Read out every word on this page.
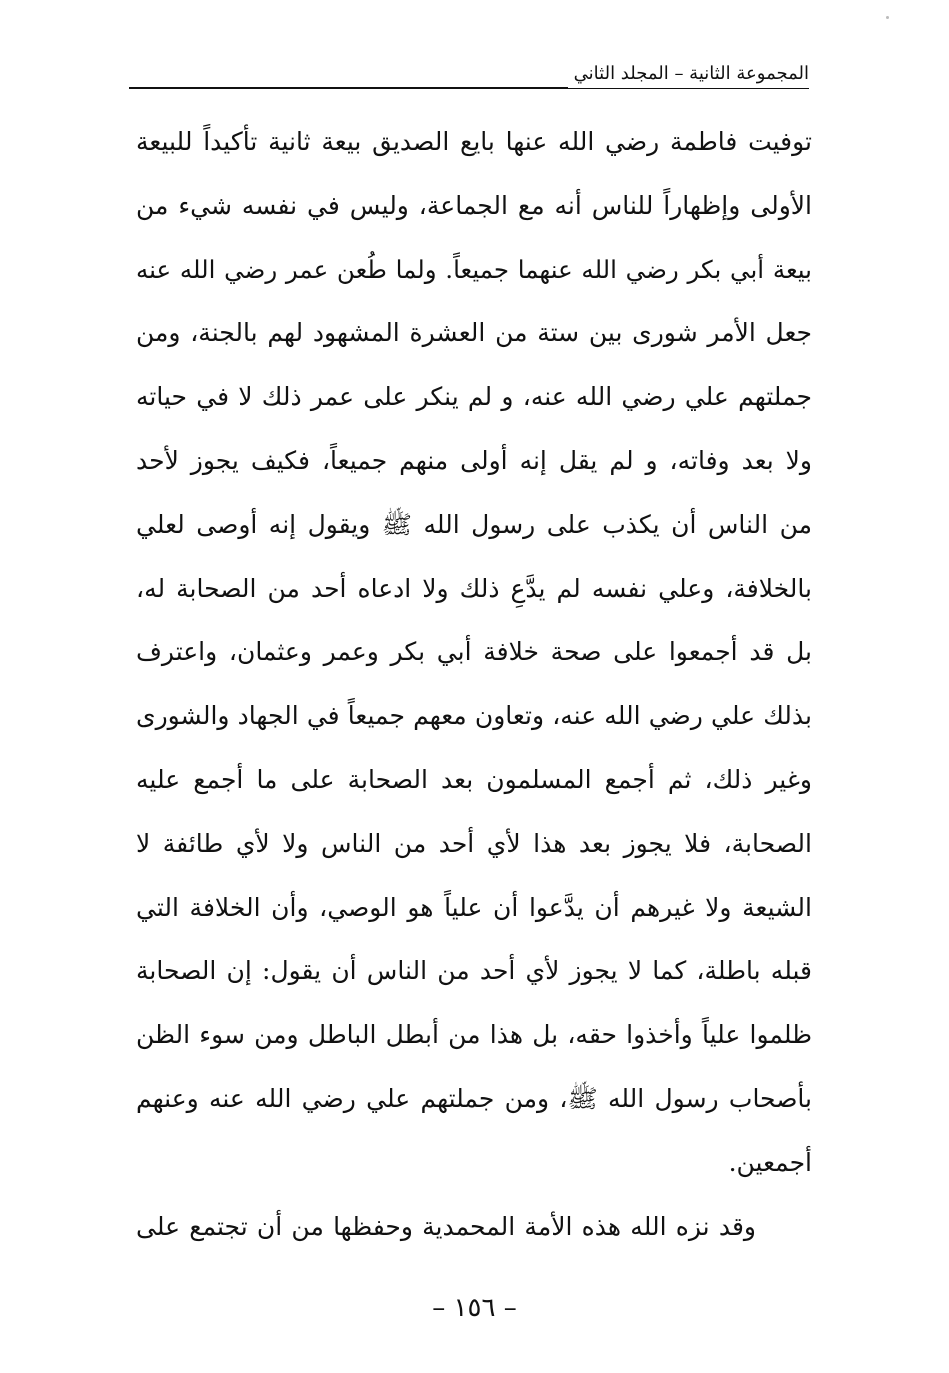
المجموعة الثانية – المجلد الثاني
توفيت فاطمة رضي الله عنها بايع الصديق بيعة ثانية تأكيداً للبيعة
الأولى وإظهاراً للناس أنه مع الجماعة، وليس في نفسه شيء من
بيعة أبي بكر رضي الله عنهما جميعاً. ولما طُعن عمر رضي الله عنه
جعل الأمر شورى بين ستة من العشرة المشهود لهم بالجنة، ومن
جملتهم علي رضي الله عنه، و لم ينكر على عمر ذلك لا في حياته
ولا بعد وفاته، و لم يقل إنه أولى منهم جميعاً، فكيف يجوز لأحد
من الناس أن يكذب على رسول الله ﷺ ويقول إنه أوصى لعلي
بالخلافة، وعلي نفسه لم يدَّعِ ذلك ولا ادعاه أحد من الصحابة له،
بل قد أجمعوا على صحة خلافة أبي بكر وعمر وعثمان، واعترف
بذلك علي رضي الله عنه، وتعاون معهم جميعاً في الجهاد والشورى
وغير ذلك، ثم أجمع المسلمون بعد الصحابة على ما أجمع عليه
الصحابة، فلا يجوز بعد هذا لأي أحد من الناس ولا لأي طائفة لا
الشيعة ولا غيرهم أن يدَّعوا أن علياً هو الوصي، وأن الخلافة التي
قبله باطلة، كما لا يجوز لأي أحد من الناس أن يقول: إن الصحابة
ظلموا علياً وأخذوا حقه، بل هذا من أبطل الباطل ومن سوء الظن
بأصحاب رسول الله ﷺ، ومن جملتهم علي رضي الله عنه وعنهم
أجمعين.
وقد نزه الله هذه الأمة المحمدية وحفظها من أن تجتمع على
– ١٥٦ –
